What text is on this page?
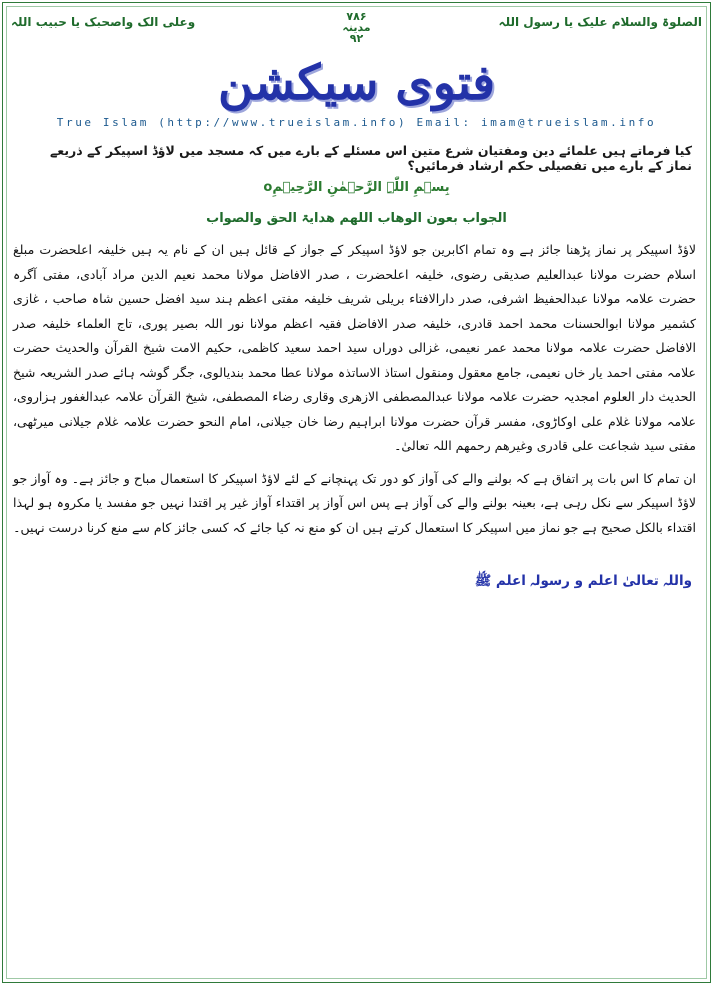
الصلوۃ والسلام علیک یا رسول اللہ
۷۸۶
مدینہ
۹۲
وعلی الک واصحبک یا حبیب اللہ
فتوی سیکشن
True Islam (http://www.trueislam.info) Email: imam@trueislam.info
کیا فرماتے ہیں علمائے دین ومفتیان شرع متین اس مسئلے کے بارے میں کہ مسجد میں لاؤڈ اسپیکر کے ذریعے نماز کے بارے میں تفصیلی حکم ارشاد فرمائیں؟
بِسۡمِ اللّٰہِ الرَّحۡمٰنِ الرَّحِیۡمِo
الجواب بعون الوھاب اللھم ھدایۃ الحق والصواب

لاؤڈ اسپیکر پر نماز پڑھنا جائز ہے وہ تمام اکابرین جو لاؤڈ اسپیکر کے جواز کے قائل ہیں ان کے نام یہ ہیں خلیفہ اعلحضرت مبلغ اسلام حضرت مولانا عبدالعلیم صدیقی رضوی، خلیفہ اعلحضرت ، صدر الافاضل مولانا محمد نعیم الدین مراد آبادی، مفتی آگرہ حضرت علامہ مولانا عبدالحفیظ اشرفی، صدر دارالافتاء بریلی شریف خلیفہ مفتی اعظم ہند سید افضل حسین شاہ صاحب ، غازی کشمیر مولانا ابوالحسنات محمد احمد قادری، خلیفہ صدر الافاضل فقیہ اعظم مولانا نور اللہ بصیر پوری، تاج العلماء خلیفہ صدر الافاضل حضرت علامہ مولانا محمد عمر نعیمی، غزالی دوراں سید احمد سعید کاظمی، حکیم الامت شیخ القرآن والحدیث حضرت علامہ مفتی احمد یار خاں نعیمی، جامع معقول ومنقول استاذ الاساتذہ مولانا عطا محمد بندیالوی، جگر گوشہ ہائے صدر الشریعہ شیخ الحدیث دار العلوم امجدیہ حضرت علامہ مولانا عبدالمصطفی الازھری وقاری رضاء المصطفی، شیخ القرآن علامہ عبدالغفور ہزاروی، علامہ مولانا غلام علی اوکاڑوی، مفسر قرآن حضرت مولانا ابراہیم رضا خان جیلانی، امام النحو حضرت علامہ غلام جیلانی میرٹھی، مفتی سید شجاعت علی قادری وغیرھم رحمھم اللہ تعالیٰ۔

ان تمام کا اس بات پر اتفاق ہے کہ بولنے والے کی آواز کو دور تک پہنچانے کے لئے لاؤڈ اسپیکر کا استعمال مباح و جائز ہے۔ وہ آواز جو لاؤڈ اسپیکر سے نکل رہی ہے، بعینہ بولنے والے کی آواز ہے پس اس آواز پر اقتداء آواز غیر پر اقتدا نہیں جو مفسد یا مکروہ ہو لہذا اقتداء بالکل صحیح ہے جو نماز میں اسپیکر کا استعمال کرتے ہیں ان کو منع نہ کیا جائے کہ کسی جائز کام سے منع کرنا درست نہیں۔

واللہ تعالیٰ اعلم و رسولہ اعلم ﷺ
